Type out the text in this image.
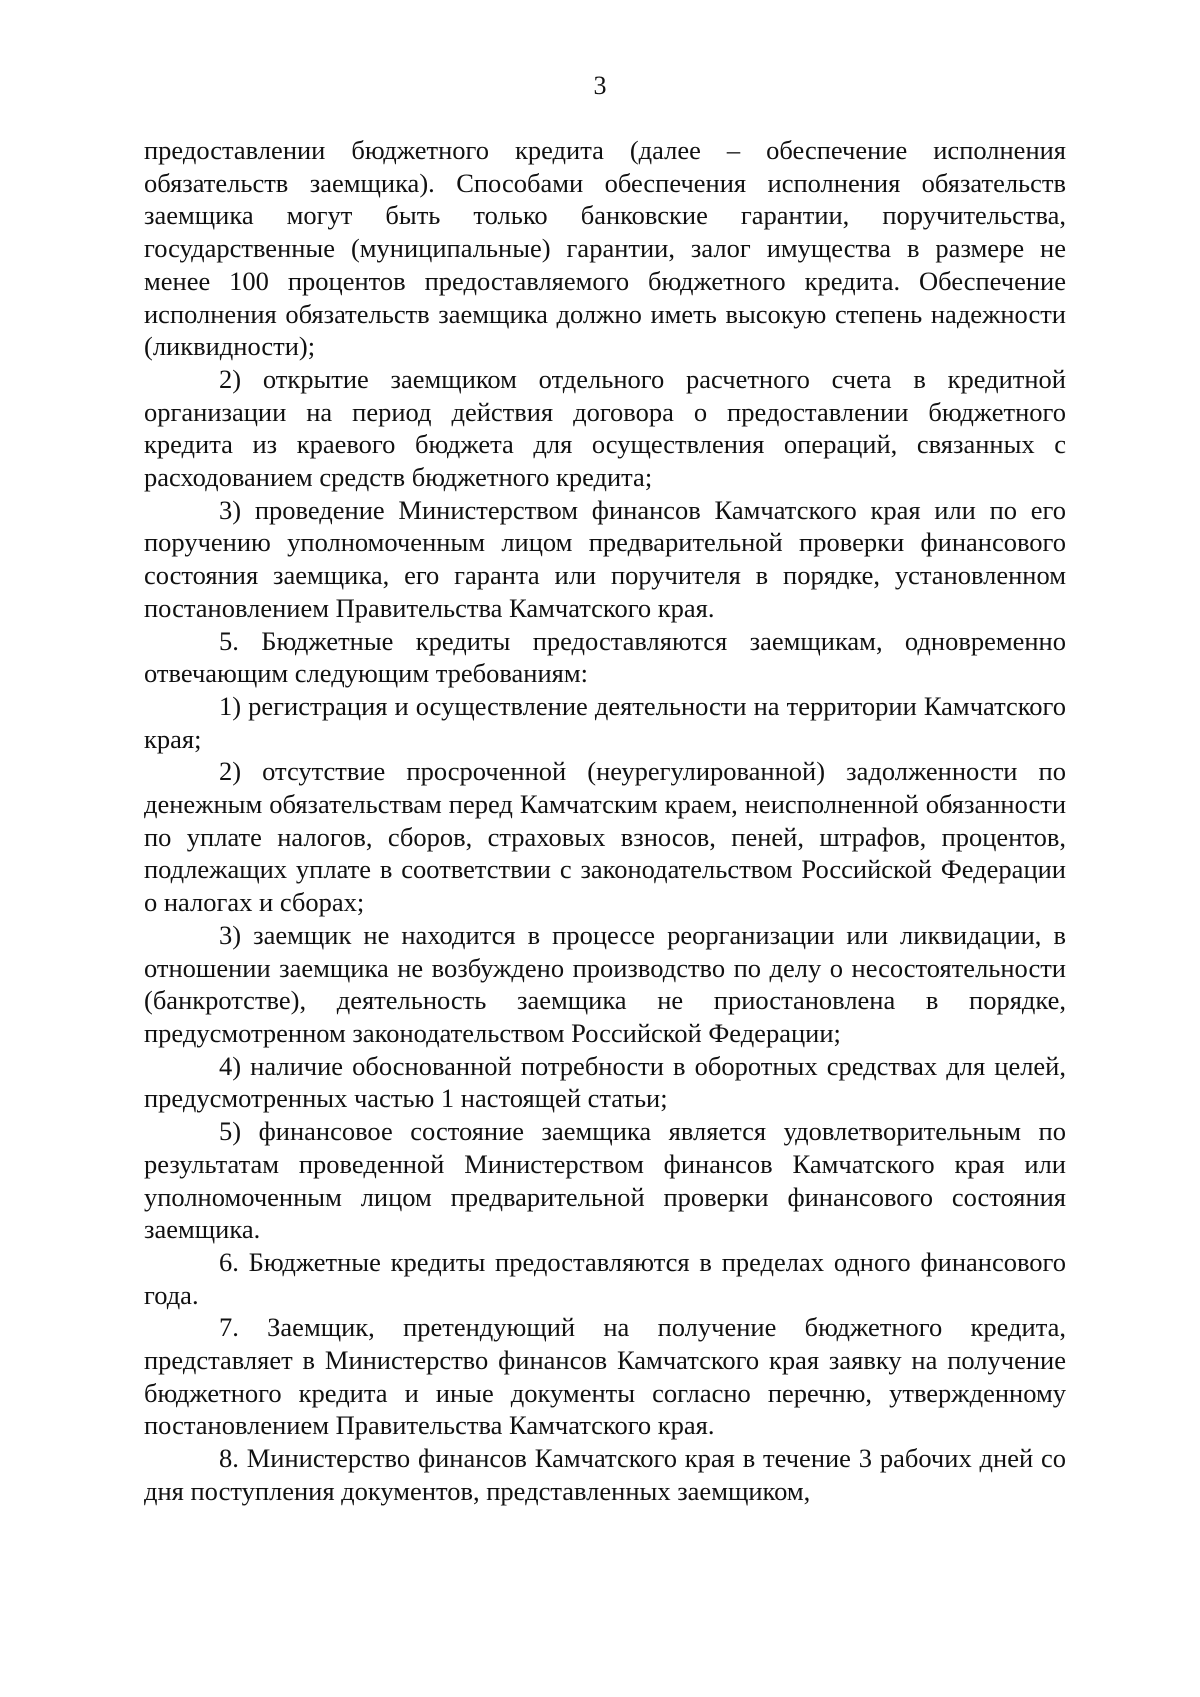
3

предоставлении бюджетного кредита (далее – обеспечение исполнения обязательств заемщика). Способами обеспечения исполнения обязательств заемщика могут быть только банковские гарантии, поручительства, государственные (муниципальные) гарантии, залог имущества в размере не менее 100 процентов предоставляемого бюджетного кредита. Обеспечение исполнения обязательств заемщика должно иметь высокую степень надежности (ликвидности);

2) открытие заемщиком отдельного расчетного счета в кредитной организации на период действия договора о предоставлении бюджетного кредита из краевого бюджета для осуществления операций, связанных с расходованием средств бюджетного кредита;

3) проведение Министерством финансов Камчатского края или по его поручению уполномоченным лицом предварительной проверки финансового состояния заемщика, его гаранта или поручителя в порядке, установленном постановлением Правительства Камчатского края.

5. Бюджетные кредиты предоставляются заемщикам, одновременно отвечающим следующим требованиям:

1) регистрация и осуществление деятельности на территории Камчатского края;

2) отсутствие просроченной (неурегулированной) задолженности по денежным обязательствам перед Камчатским краем, неисполненной обязанности по уплате налогов, сборов, страховых взносов, пеней, штрафов, процентов, подлежащих уплате в соответствии с законодательством Российской Федерации о налогах и сборах;

3) заемщик не находится в процессе реорганизации или ликвидации, в отношении заемщика не возбуждено производство по делу о несостоятельности (банкротстве), деятельность заемщика не приостановлена в порядке, предусмотренном законодательством Российской Федерации;

4) наличие обоснованной потребности в оборотных средствах для целей, предусмотренных частью 1 настоящей статьи;

5) финансовое состояние заемщика является удовлетворительным по результатам проведенной Министерством финансов Камчатского края или уполномоченным лицом предварительной проверки финансового состояния заемщика.

6. Бюджетные кредиты предоставляются в пределах одного финансового года.

7. Заемщик, претендующий на получение бюджетного кредита, представляет в Министерство финансов Камчатского края заявку на получение бюджетного кредита и иные документы согласно перечню, утвержденному постановлением Правительства Камчатского края.

8. Министерство финансов Камчатского края в течение 3 рабочих дней со дня поступления документов, представленных заемщиком,
